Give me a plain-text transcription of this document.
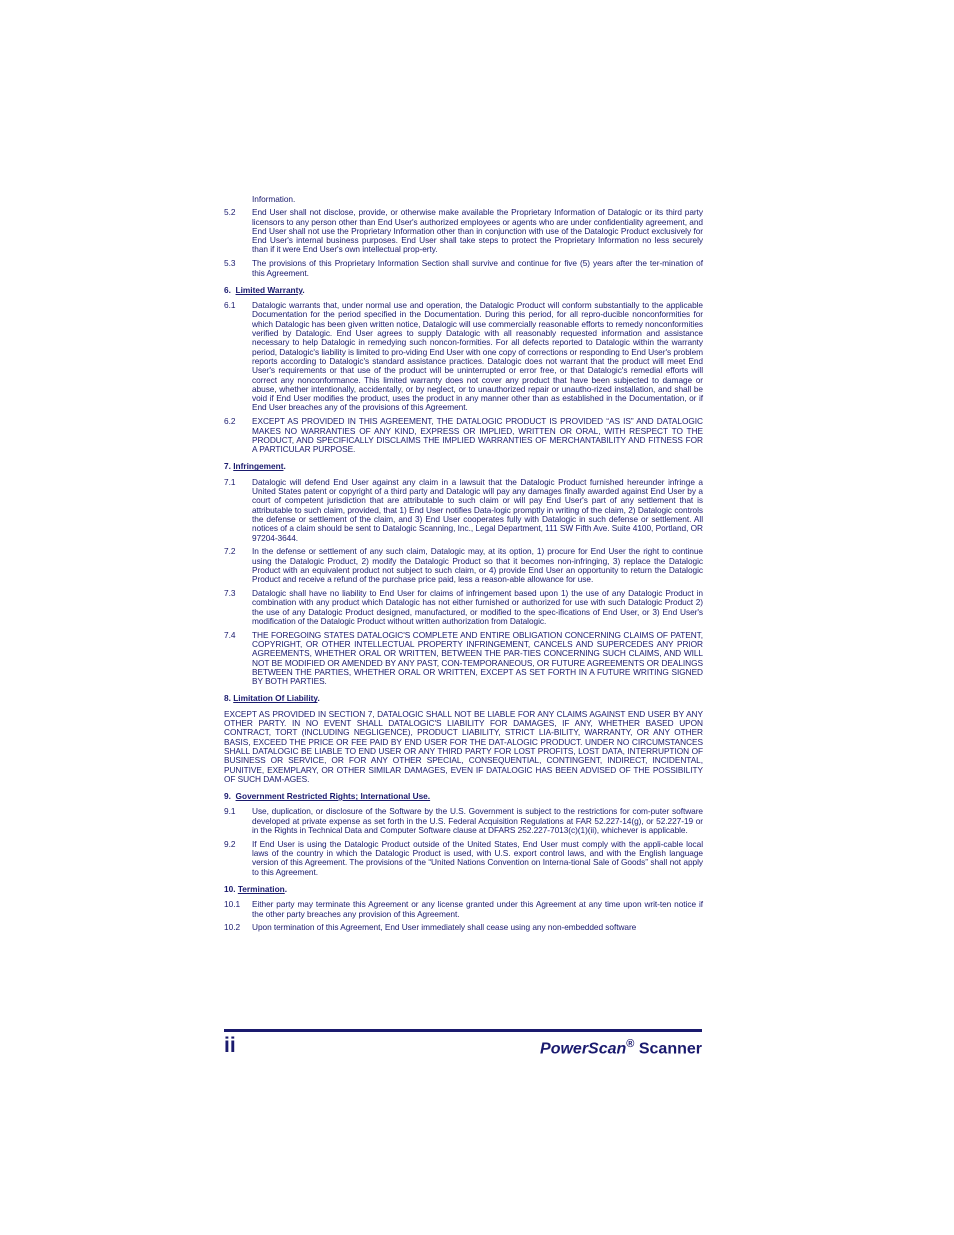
Information.

5.2	End User shall not disclose, provide, or otherwise make available the Proprietary Information of Datalogic or its third party licensors to any person other than End User's authorized employees or agents who are under confidentiality agreement, and End User shall not use the Proprietary Information other than in conjunction with use of the Datalogic Product exclusively for End User's internal business purposes. End User shall take steps to protect the Proprietary Information no less securely than if it were End User's own intellectual prop-erty.

5.3	The provisions of this Proprietary Information Section shall survive and continue for five (5) years after the ter-mination of this Agreement.

6. Limited Warranty.
6.1	Datalogic warrants that, under normal use and operation, the Datalogic Product will conform substantially to the applicable Documentation for the period specified in the Documentation. During this period, for all repro-ducible nonconformities for which Datalogic has been given written notice, Datalogic will use commercially reasonable efforts to remedy nonconformities verified by Datalogic. End User agrees to supply Datalogic with all reasonably requested information and assistance necessary to help Datalogic in remedying such noncon-formities. For all defects reported to Datalogic within the warranty period, Datalogic's liability is limited to pro-viding End User with one copy of corrections or responding to End User's problem reports according to Datalogic's standard assistance practices. Datalogic does not warrant that the product will meet End User's requirements or that use of the product will be uninterrupted or error free, or that Datalogic's remedial efforts will correct any nonconformance. This limited warranty does not cover any product that have been subjected to damage or abuse, whether intentionally, accidentally, or by neglect, or to unauthorized repair or unautho-rized installation, and shall be void if End User modifies the product, uses the product in any manner other than as established in the Documentation, or if End User breaches any of the provisions of this Agreement.

6.2	EXCEPT AS PROVIDED IN THIS AGREEMENT, THE DATALOGIC PRODUCT IS PROVIDED “AS IS” AND DATALOGIC MAKES NO WARRANTIES OF ANY KIND, EXPRESS OR IMPLIED, WRITTEN OR ORAL, WITH RESPECT TO THE PRODUCT, AND SPECIFICALLY DISCLAIMS THE IMPLIED WARRANTIES OF MERCHANTABILITY AND FITNESS FOR A PARTICULAR PURPOSE.

7. Infringement.
7.1	Datalogic will defend End User against any claim in a lawsuit that the Datalogic Product furnished hereunder infringe a United States patent or copyright of a third party and Datalogic will pay any damages finally awarded against End User by a court of competent jurisdiction that are attributable to such claim or will pay End User's part of any settlement that is attributable to such claim, provided, that 1) End User notifies Data-logic promptly in writing of the claim, 2) Datalogic controls the defense or settlement of the claim, and 3) End User cooperates fully with Datalogic in such defense or settlement. All notices of a claim should be sent to Datalogic Scanning, Inc., Legal Department, 111 SW Fifth Ave. Suite 4100, Portland, OR 97204-3644.

7.2	In the defense or settlement of any such claim, Datalogic may, at its option, 1) procure for End User the right to continue using the Datalogic Product, 2) modify the Datalogic Product so that it becomes non-infringing, 3) replace the Datalogic Product with an equivalent product not subject to such claim, or 4) provide End User an opportunity to return the Datalogic Product and receive a refund of the purchase price paid, less a reason-able allowance for use.

7.3	Datalogic shall have no liability to End User for claims of infringement based upon 1) the use of any Datalogic Product in combination with any product which Datalogic has not either furnished or authorized for use with such Datalogic Product 2) the use of any Datalogic Product designed, manufactured, or modified to the spec-ifications of End User, or 3) End User's modification of the Datalogic Product without written authorization from Datalogic.

7.4	THE FOREGOING STATES DATALOGIC'S COMPLETE AND ENTIRE OBLIGATION CONCERNING CLAIMS OF PATENT, COPYRIGHT, OR OTHER INTELLECTUAL PROPERTY INFRINGEMENT, CANCELS AND SUPERCEDES ANY PRIOR AGREEMENTS, WHETHER ORAL OR WRITTEN, BETWEEN THE PAR-TIES CONCERNING SUCH CLAIMS, AND WILL NOT BE MODIFIED OR AMENDED BY ANY PAST, CON-TEMPORANEOUS, OR FUTURE AGREEMENTS OR DEALINGS BETWEEN THE PARTIES, WHETHER ORAL OR WRITTEN, EXCEPT AS SET FORTH IN A FUTURE WRITING SIGNED BY BOTH PARTIES.

8. Limitation Of Liability.

EXCEPT AS PROVIDED IN SECTION 7, DATALOGIC SHALL NOT BE LIABLE FOR ANY CLAIMS AGAINST END USER BY ANY OTHER PARTY. IN NO EVENT SHALL DATALOGIC'S LIABILITY FOR DAMAGES, IF ANY, WHETHER BASED UPON CONTRACT, TORT (INCLUDING NEGLIGENCE), PRODUCT LIABILITY, STRICT LIA-BILITY, WARRANTY, OR ANY OTHER BASIS, EXCEED THE PRICE OR FEE PAID BY END USER FOR THE DAT-ALOGIC PRODUCT. UNDER NO CIRCUMSTANCES SHALL DATALOGIC BE LIABLE TO END USER OR ANY THIRD PARTY FOR LOST PROFITS, LOST DATA, INTERRUPTION OF BUSINESS OR SERVICE, OR FOR ANY OTHER SPECIAL, CONSEQUENTIAL, CONTINGENT, INDIRECT, INCIDENTAL, PUNITIVE, EXEMPLARY, OR OTHER SIMILAR DAMAGES, EVEN IF DATALOGIC HAS BEEN ADVISED OF THE POSSIBILITY OF SUCH DAM-AGES.

9. Government Restricted Rights; International Use.
9.1	Use, duplication, or disclosure of the Software by the U.S. Government is subject to the restrictions for com-puter software developed at private expense as set forth in the U.S. Federal Acquisition Regulations at FAR 52.227-14(g), or 52.227-19 or in the Rights in Technical Data and Computer Software clause at DFARS 252.227-7013(c)(1)(ii), whichever is applicable.

9.2	If End User is using the Datalogic Product outside of the United States, End User must comply with the appli-cable local laws of the country in which the Datalogic Product is used, with U.S. export control laws, and with the English language version of this Agreement. The provisions of the “United Nations Convention on Interna-tional Sale of Goods” shall not apply to this Agreement.

10. Termination.
10.1	Either party may terminate this Agreement or any license granted under this Agreement at any time upon writ-ten notice if the other party breaches any provision of this Agreement.

10.2	Upon termination of this Agreement, End User immediately shall cease using any non-embedded software

ii	PowerScan® Scanner
